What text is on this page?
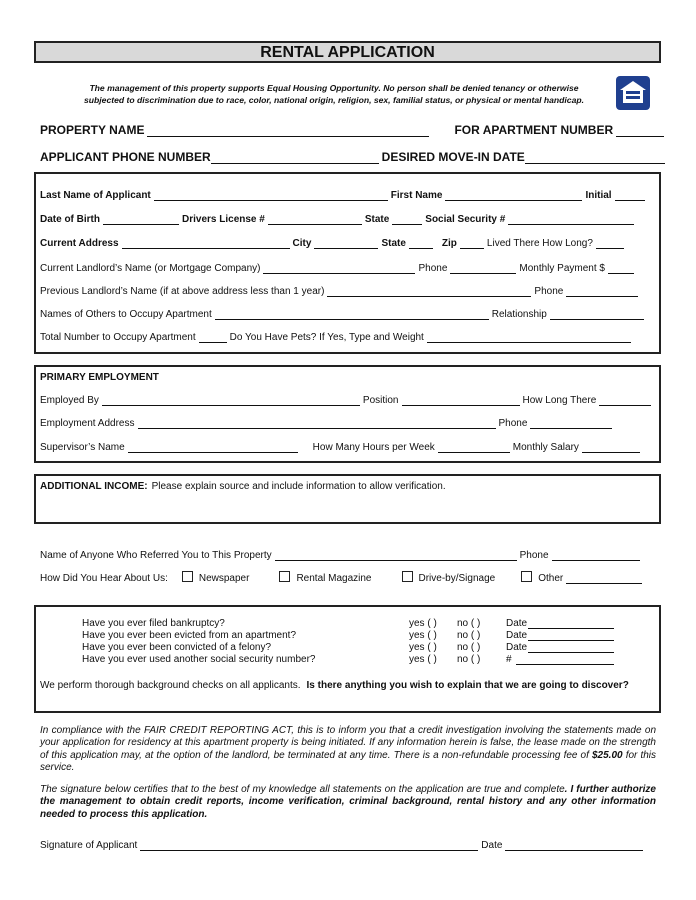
RENTAL APPLICATION
The management of this property supports Equal Housing Opportunity. No person shall be denied tenancy or otherwise
subjected to discrimination due to race, color, national origin, religion, sex, familial status, or physical or mental handicap.
PROPERTY NAME	FOR APARTMENT NUMBER
APPLICANT PHONE NUMBER	DESIRED MOVE-IN DATE
Last Name of Applicant	First Name	Initial
Date of Birth	Drivers License #	State	Social Security #
Current Address	City	State	Zip	Lived There How Long?
Current Landlord’s Name (or Mortgage Company)	Phone	Monthly Payment $
Previous Landlord’s Name (if at above address less than 1 year)	Phone
Names of Others to Occupy Apartment	Relationship
Total Number to Occupy Apartment	Do You Have Pets? If Yes, Type and Weight
PRIMARY EMPLOYMENT
Employed By	Position	How Long There
Employment Address	Phone
Supervisor’s Name	How Many Hours per Week	Monthly Salary
ADDITIONAL INCOME: Please explain source and include information to allow verification.
Name of Anyone Who Referred You to This Property	Phone
How Did You Hear About Us:	Newspaper	Rental Magazine	Drive-by/Signage	Other
Have you ever filed bankruptcy?	yes ( ) no ( )	Date
Have you ever been evicted from an apartment?	yes ( ) no ( )	Date
Have you ever been convicted of a felony?	yes ( ) no ( )	Date
Have you ever used another social security number?	yes ( ) no ( )	#
We perform thorough background checks on all applicants. Is there anything you wish to explain that we are going to discover?
In compliance with the FAIR CREDIT REPORTING ACT, this is to inform you that a credit investigation involving the statements made on your application for residency at this apartment property is being initiated. If any information herein is false, the lease made on the strength of this application may, at the option of the landlord, be terminated at any time. There is a non-refundable processing fee of $25.00 for this service.
The signature below certifies that to the best of my knowledge all statements on the application are true and complete. I further authorize the management to obtain credit reports, income verification, criminal background, rental history and any other information needed to process this application.
Signature of Applicant	Date
